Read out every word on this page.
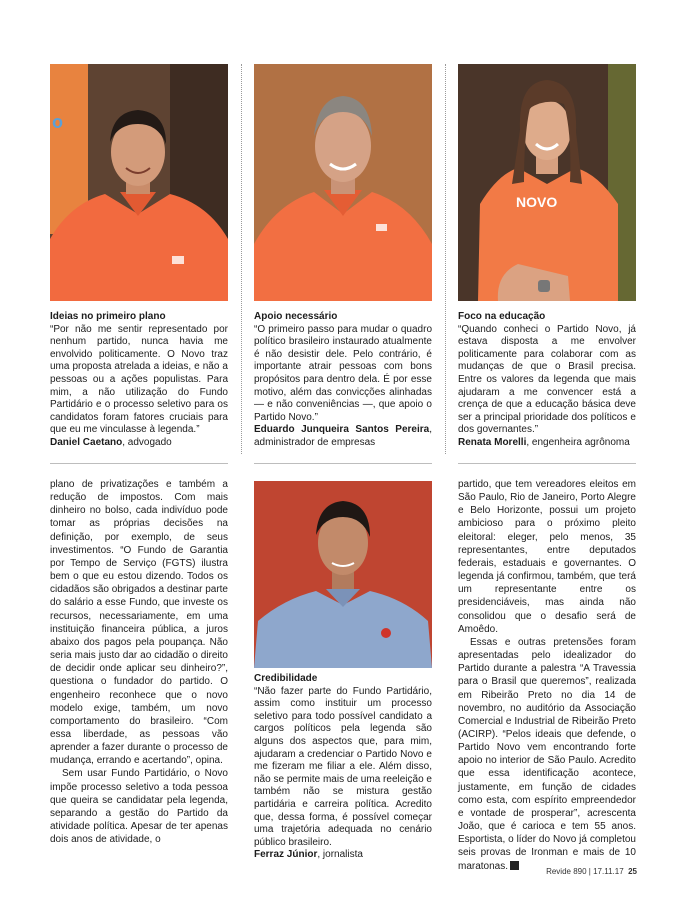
o
NOVO
Ideias no primeiro plano
“Por não me sentir representado por nenhum partido, nunca havia me envolvido politicamente. O Novo traz uma proposta atrelada a ideias, e não a pessoas ou a ações populistas. Para mim, a não utilização do Fundo Partidário e o processo seletivo para os candidatos foram fatores cruciais para que eu me vinculasse à legenda.”
Daniel Caetano, advogado
Apoio necessário
“O primeiro passo para mudar o quadro político brasileiro instaurado atualmente é não desistir dele. Pelo contrário, é importante atrair pessoas com bons propósitos para dentro dela. É por esse motivo, além das convicções alinhadas — e não conveniências —, que apoio o Partido Novo.”
Eduardo Junqueira Santos Pereira, administrador de empresas
Foco na educação
“Quando conheci o Partido Novo, já estava disposta a me envolver politicamente para colaborar com as mudanças de que o Brasil precisa. Entre os valores da legenda que mais ajudaram a me convencer está a crença de que a educação básica deve ser a principal prioridade dos políticos e dos governantes.”
Renata Morelli, engenheira agrônoma

plano de privatizações e também a redução de impostos. Com mais dinheiro no bolso, cada indivíduo pode tomar as próprias decisões na definição, por exemplo, de seus investimentos. “O Fundo de Garantia por Tempo de Serviço (FGTS) ilustra bem o que eu estou dizendo. Todos os cidadãos são obrigados a destinar parte do salário a esse Fundo, que investe os recursos, necessariamente, em uma instituição financeira pública, a juros abaixo dos pagos pela poupança. Não seria mais justo dar ao cidadão o direito de decidir onde aplicar seu dinheiro?”, questiona o fundador do partido. O engenheiro reconhece que o novo modelo exige, também, um novo comportamento do brasileiro. “Com essa liberdade, as pessoas vão aprender a fazer durante o processo de mudança, errando e acertando”, opina.

Sem usar Fundo Partidário, o Novo impõe processo seletivo a toda pessoa que queira se candidatar pela legenda, separando a gestão do Partido da atividade política. Apesar de ter apenas dois anos de atividade, o

Credibilidade
“Não fazer parte do Fundo Partidário, assim como instituir um processo seletivo para todo possível candidato a cargos políticos pela legenda são alguns dos aspectos que, para mim, ajudaram a credenciar o Partido Novo e me fizeram me filiar a ele. Além disso, não se permite mais de uma reeleição e também não se mistura gestão partidária e carreira política. Acredito que, dessa forma, é possível começar uma trajetória adequada no cenário público brasileiro.
Ferraz Júnior, jornalista

partido, que tem vereadores eleitos em São Paulo, Rio de Janeiro, Porto Alegre e Belo Horizonte, possui um projeto ambicioso para o próximo pleito eleitoral: eleger, pelo menos, 35 representantes, entre deputados federais, estaduais e governantes. O legenda já confirmou, também, que terá um representante entre os presidenciáveis, mas ainda não consolidou que o desafio será de Amoêdo.

Essas e outras pretensões foram apresentadas pelo idealizador do Partido durante a palestra “A Travessia para o Brasil que queremos”, realizada em Ribeirão Preto no dia 14 de novembro, no auditório da Associação Comercial e Industrial de Ribeirão Preto (ACIRP). “Pelos ideais que defende, o Partido Novo vem encontrando forte apoio no interior de São Paulo. Acredito que essa identificação acontece, justamente, em função de cidades como esta, com espírito empreendedor e vontade de prosperar”, acrescenta João, que é carioca e tem 55 anos. Esportista, o líder do Novo já completou seis provas de Ironman e mais de 10 maratonas.	Revide 890 | 17.11.17 25
